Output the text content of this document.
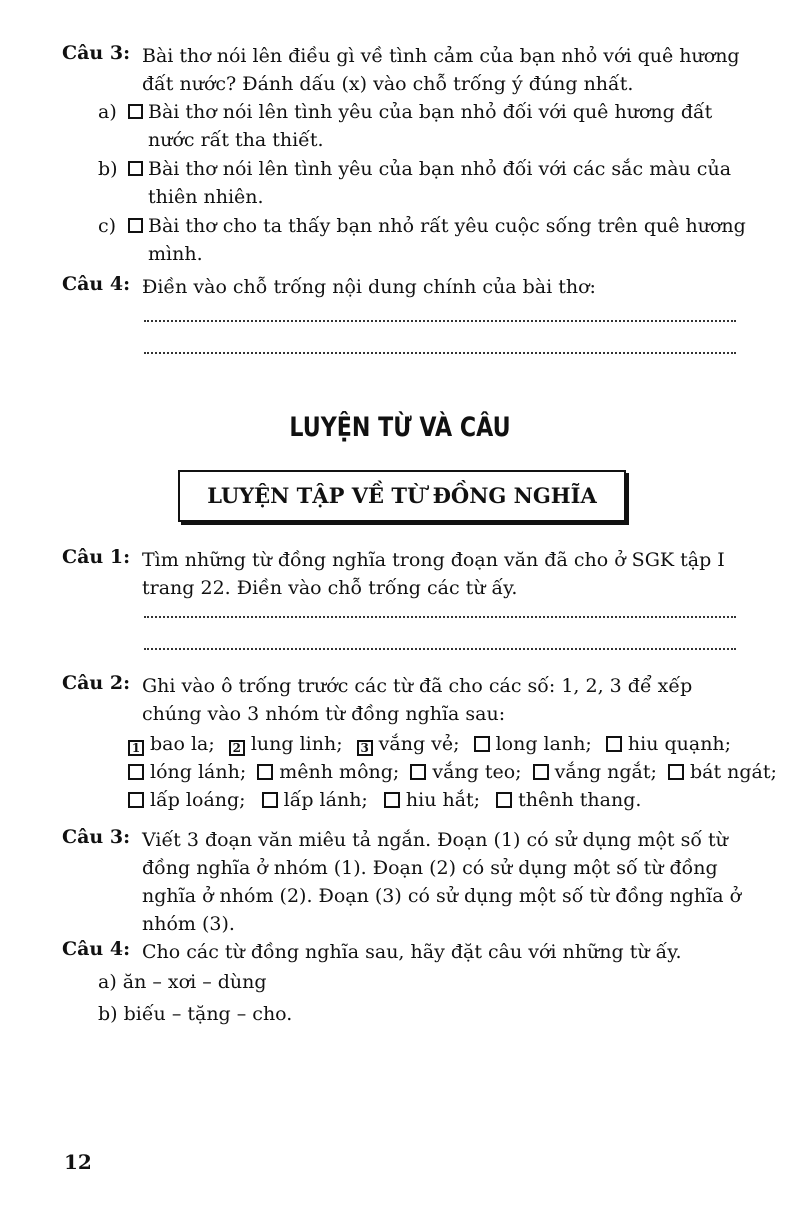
Câu 3: Bài thơ nói lên điều gì về tình cảm của bạn nhỏ với quê hương đất nước? Đánh dấu (x) vào chỗ trống ý đúng nhất.
a) Bài thơ nói lên tình yêu của bạn nhỏ đối với quê hương đất nước rất tha thiết.
b) Bài thơ nói lên tình yêu của bạn nhỏ đối với các sắc màu của thiên nhiên.
c) Bài thơ cho ta thấy bạn nhỏ rất yêu cuộc sống trên quê hương mình.
Câu 4: Điền vào chỗ trống nội dung chính của bài thơ:
LUYỆN TỪ VÀ CÂU
LUYỆN TẬP VỀ TỪ ĐỒNG NGHĨA
Câu 1: Tìm những từ đồng nghĩa trong đoạn văn đã cho ở SGK tập I trang 22. Điền vào chỗ trống các từ ấy.
Câu 2: Ghi vào ô trống trước các từ đã cho các số: 1, 2, 3 để xếp chúng vào 3 nhóm từ đồng nghĩa sau:
1 bao la; 2 lung linh; 3 vắng vẻ; long lanh; hiu quạnh;
lóng lánh; mênh mông; vắng teo; vắng ngắt; bát ngát;
lấp loáng; lấp lánh; hiu hắt; thênh thang.
Câu 3: Viết 3 đoạn văn miêu tả ngắn. Đoạn (1) có sử dụng một số từ đồng nghĩa ở nhóm (1). Đoạn (2) có sử dụng một số từ đồng nghĩa ở nhóm (2). Đoạn (3) có sử dụng một số từ đồng nghĩa ở nhóm (3).
Câu 4: Cho các từ đồng nghĩa sau, hãy đặt câu với những từ ấy.
a) ăn – xơi – dùng
b) biếu – tặng – cho.
12
